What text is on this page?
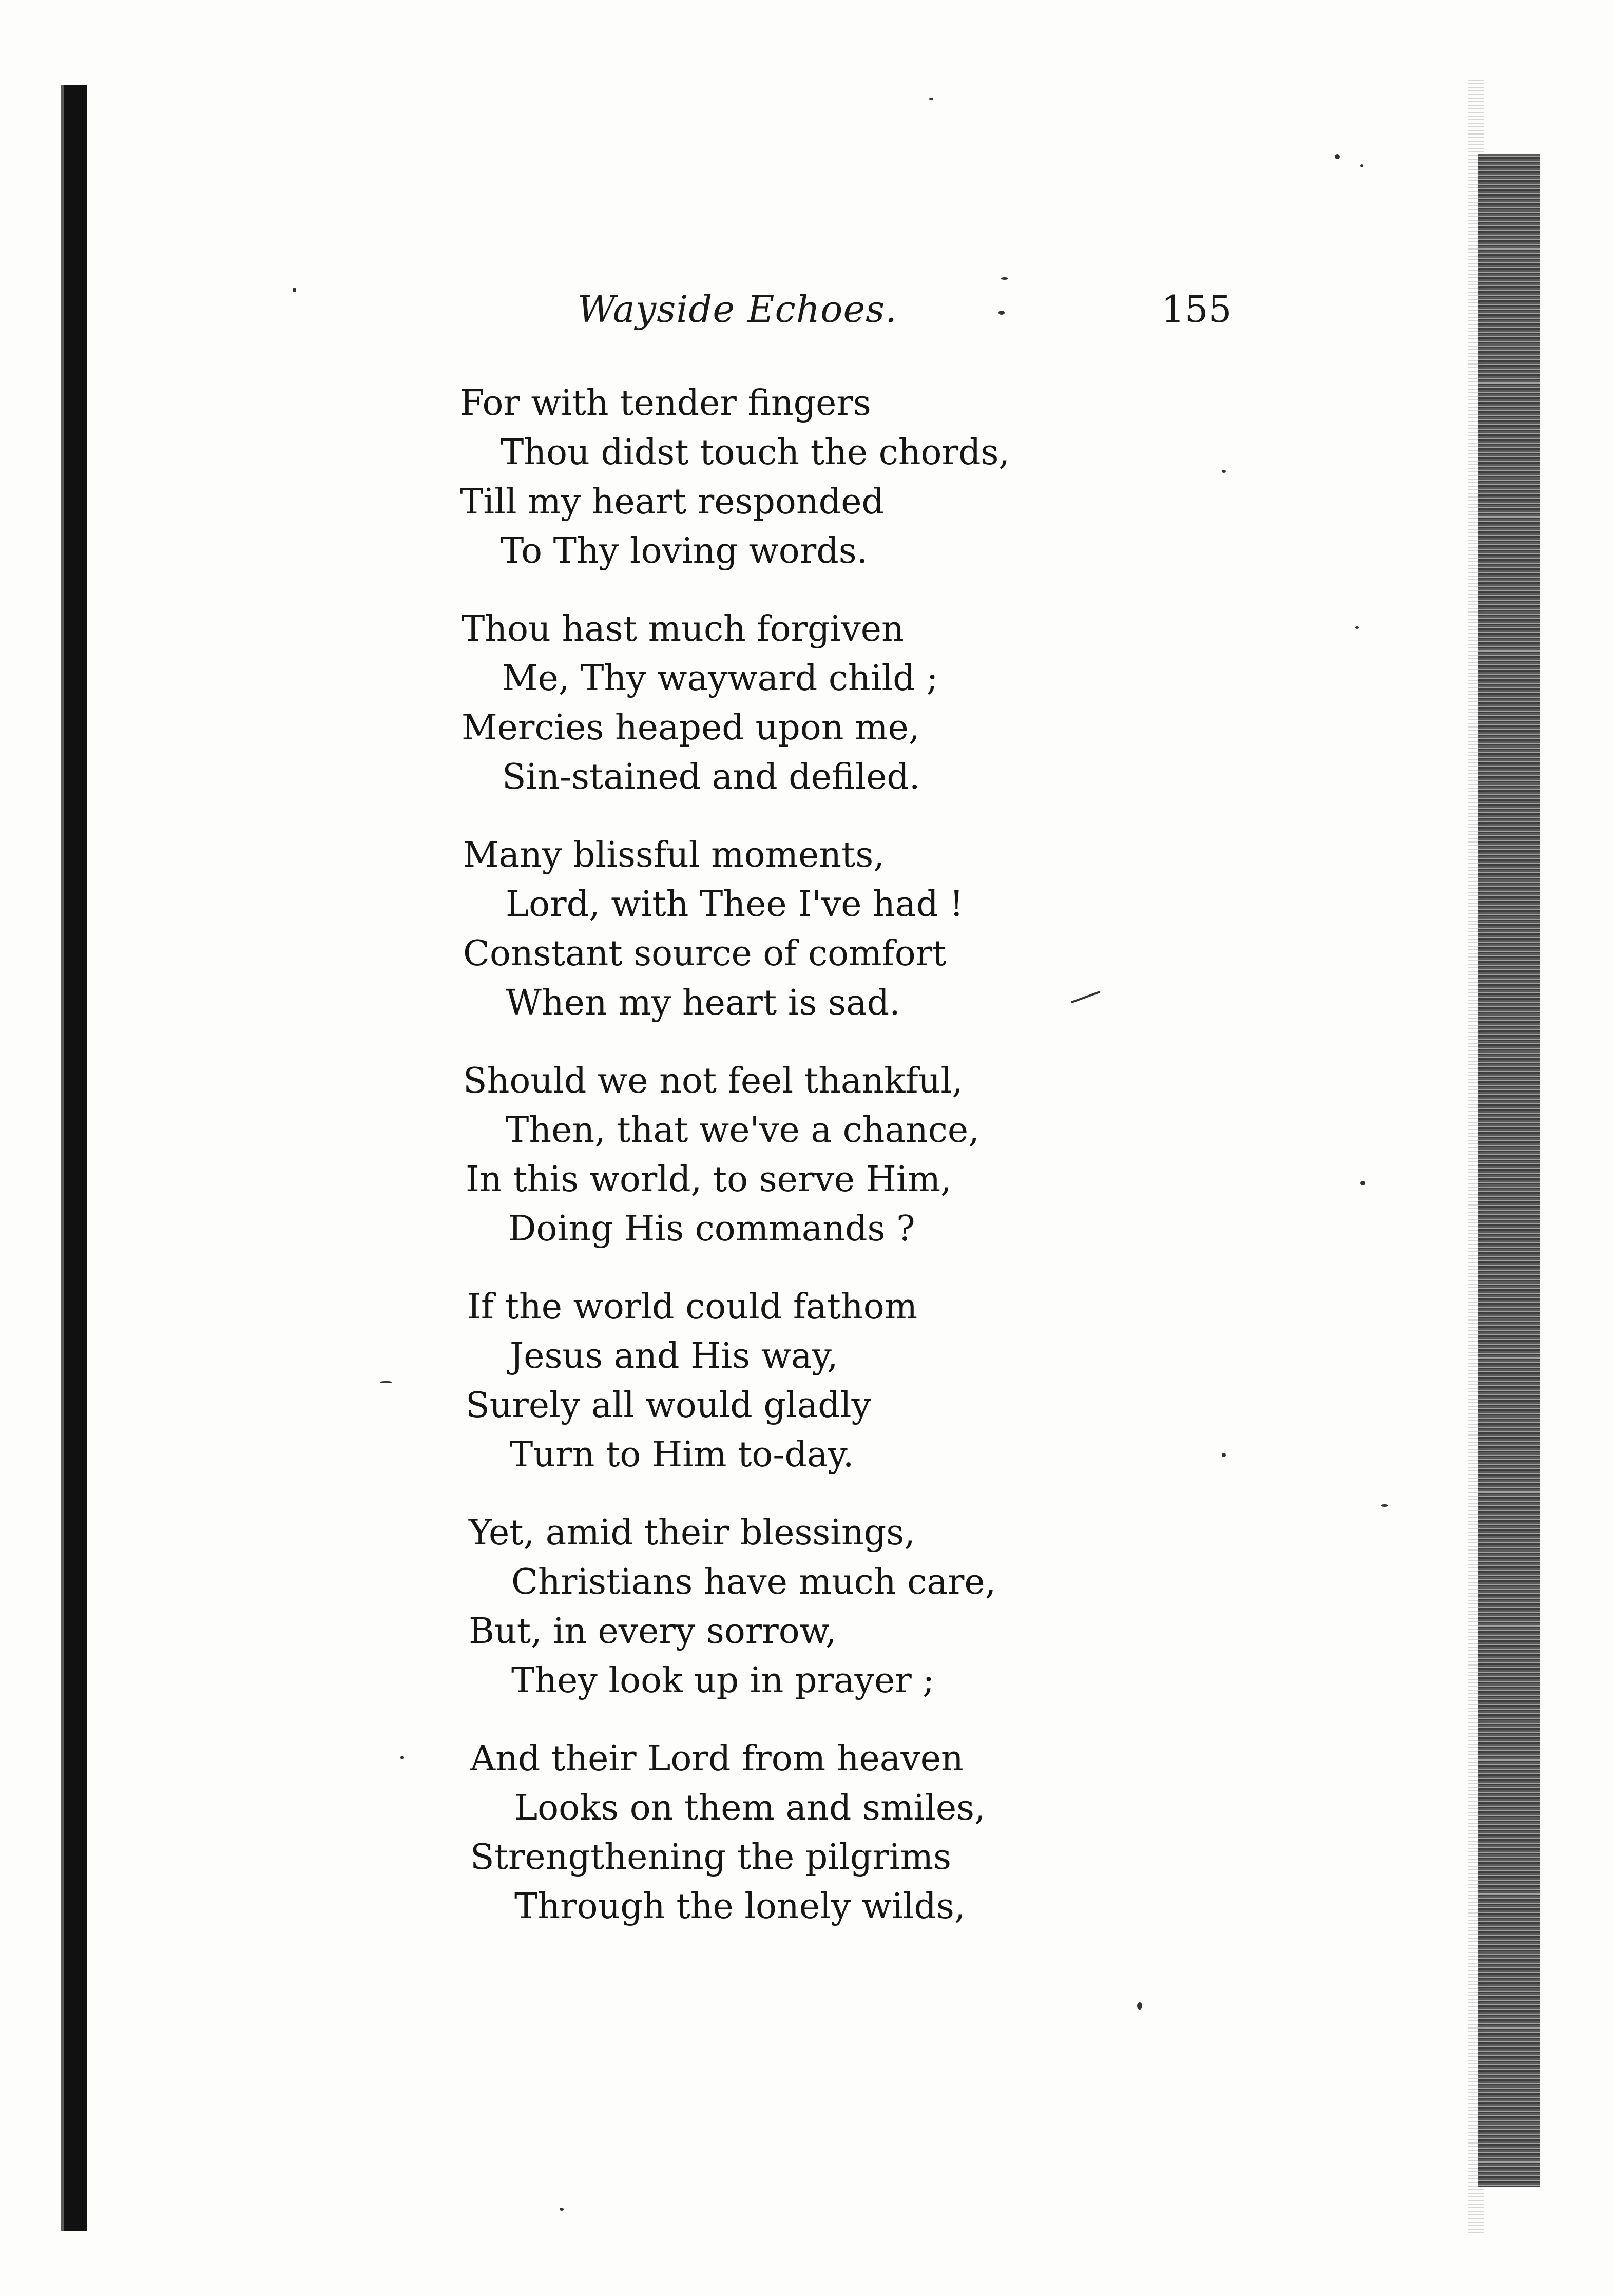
Wayside Echoes.	155
For with tender fingers
Thou didst touch the chords,
Till my heart responded
To Thy loving words.
Thou hast much forgiven
Me, Thy wayward child ;
Mercies heaped upon me,
Sin-stained and defiled.
Many blissful moments,
Lord, with Thee I've had !
Constant source of comfort
When my heart is sad.
Should we not feel thankful,
Then, that we've a chance,
In this world, to serve Him,
Doing His commands ?
If the world could fathom
Jesus and His way,
Surely all would gladly
Turn to Him to-day.
Yet, amid their blessings,
Christians have much care,
But, in every sorrow,
They look up in prayer ;
And their Lord from heaven
Looks on them and smiles,
Strengthening the pilgrims
Through the lonely wilds,
